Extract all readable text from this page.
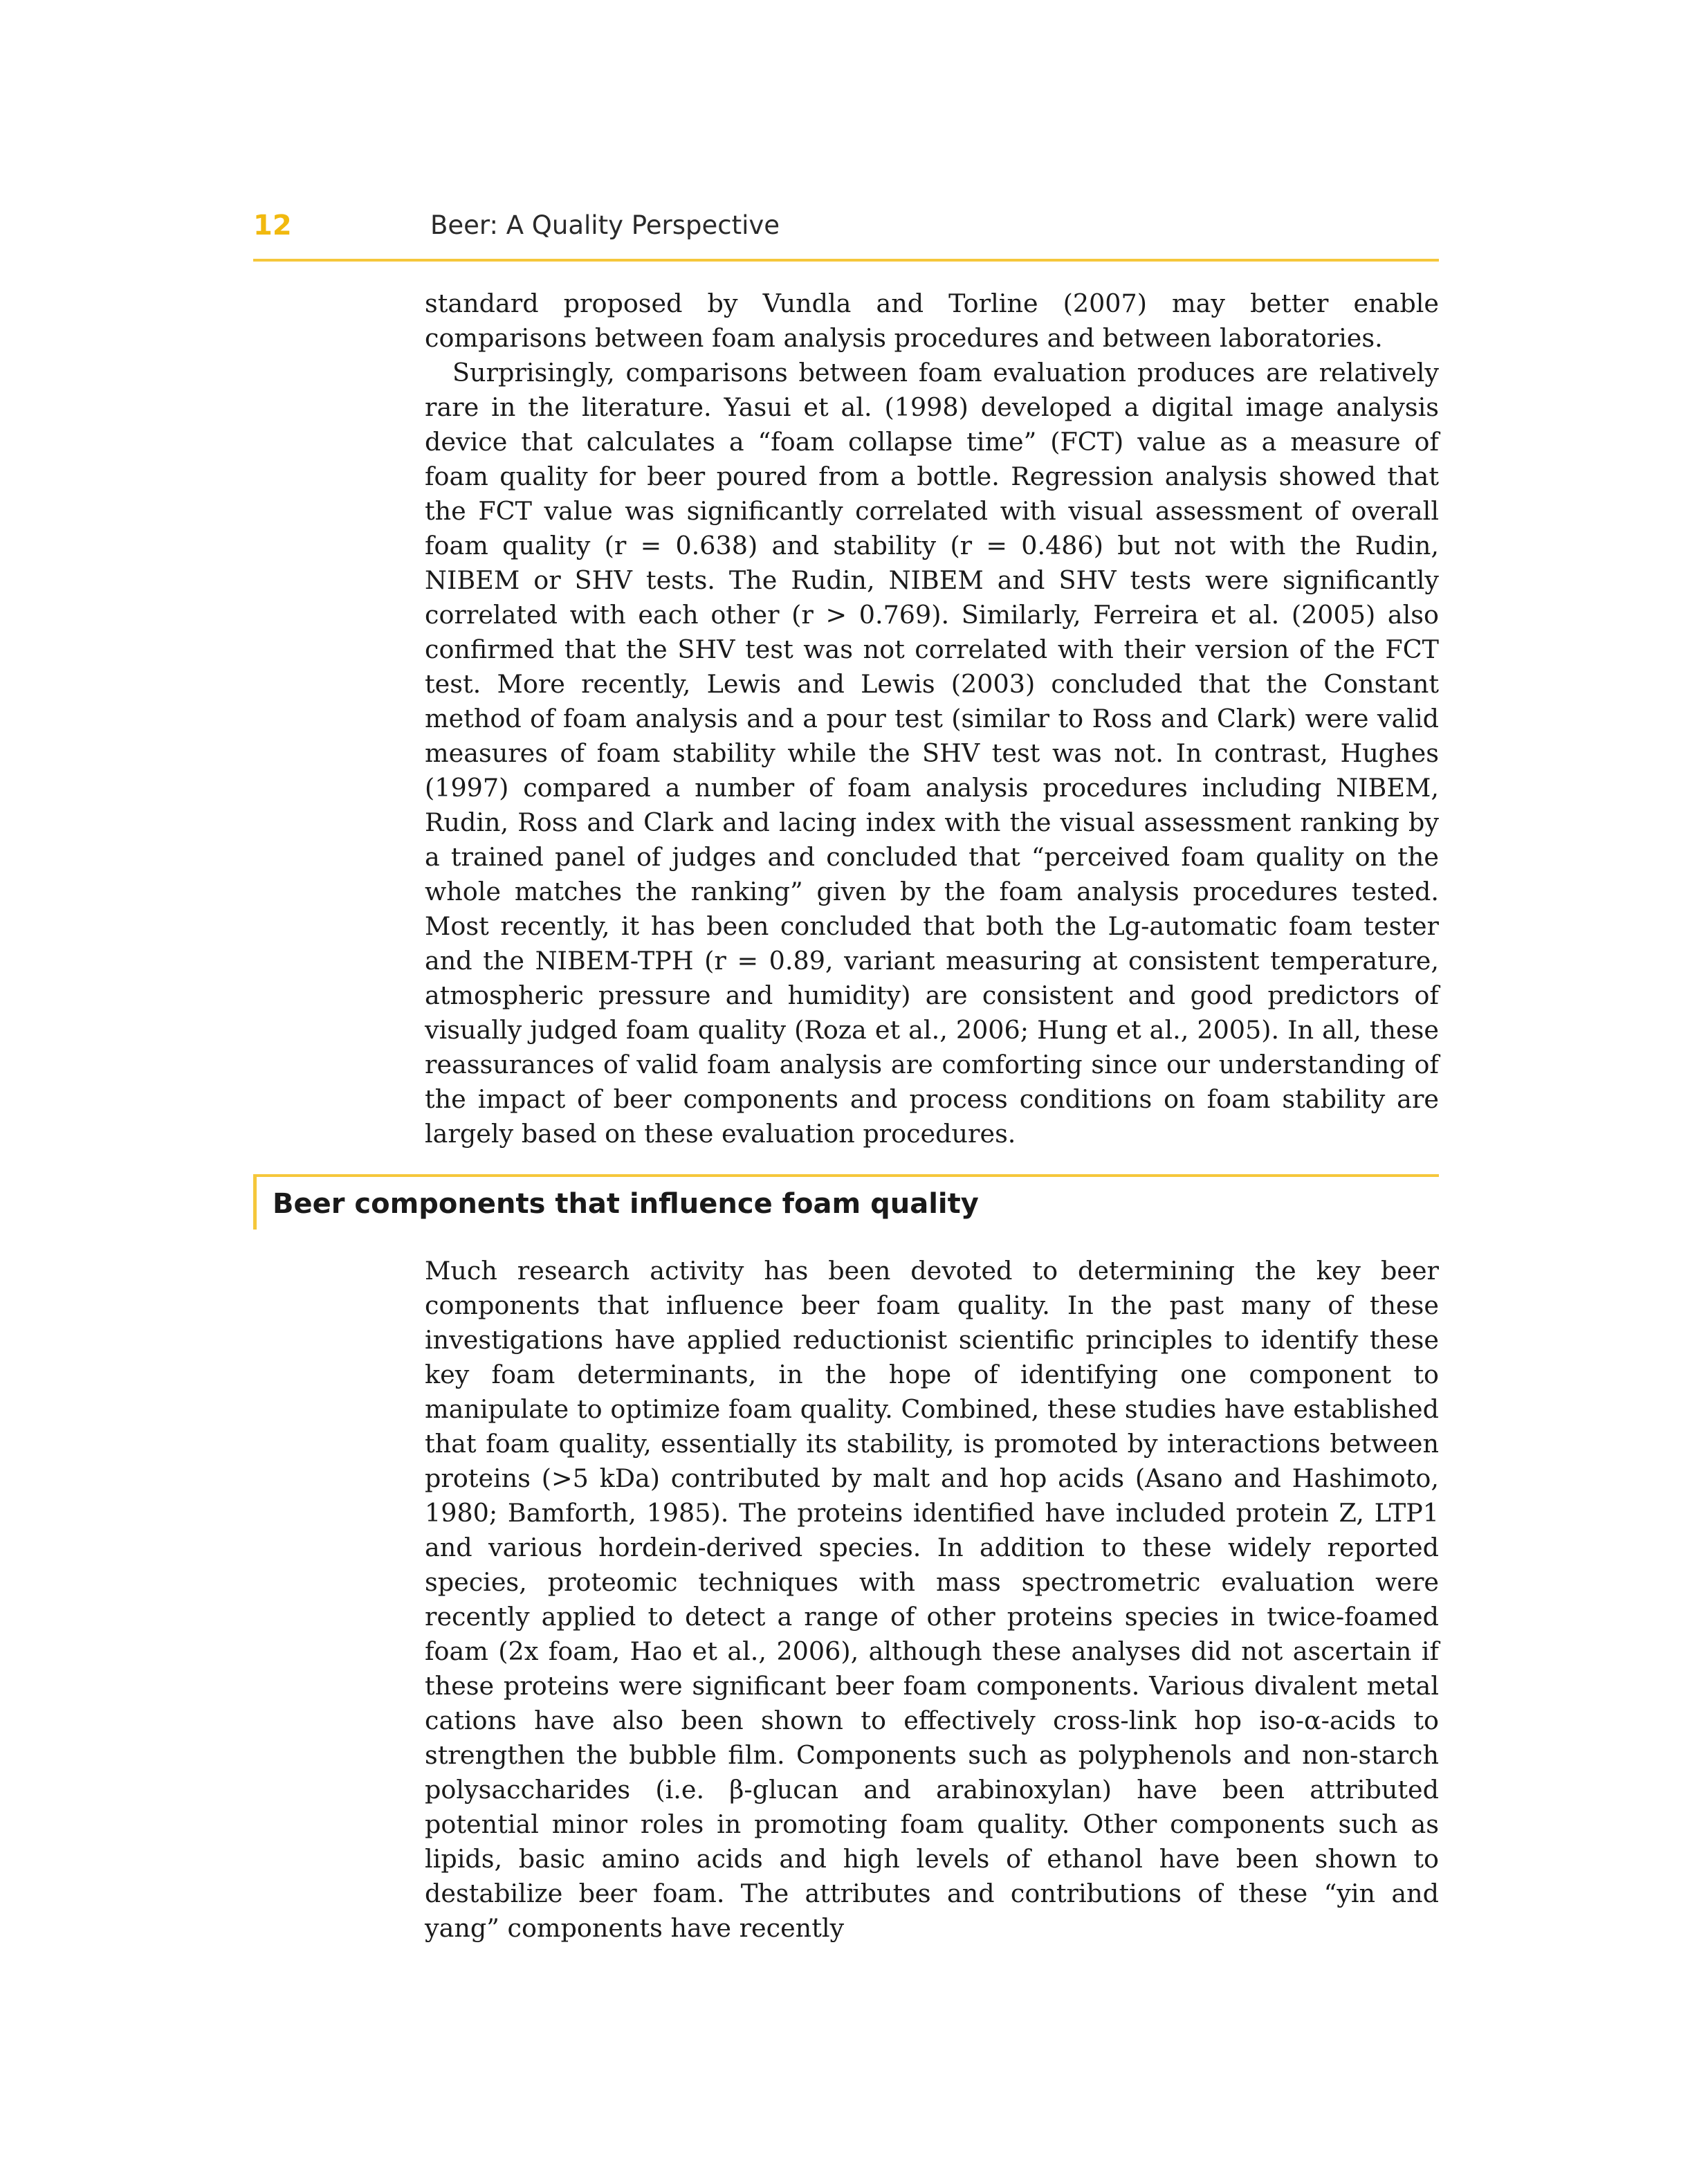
12	Beer: A Quality Perspective

standard proposed by Vundla and Torline (2007) may better enable comparisons between foam analysis procedures and between laboratories.

Surprisingly, comparisons between foam evaluation produces are relatively rare in the literature. Yasui et al. (1998) developed a digital image analysis device that calculates a “foam collapse time” (FCT) value as a measure of foam quality for beer poured from a bottle. Regression analysis showed that the FCT value was significantly correlated with visual assessment of overall foam quality (r = 0.638) and stability (r = 0.486) but not with the Rudin, NIBEM or SHV tests. The Rudin, NIBEM and SHV tests were significantly correlated with each other (r > 0.769). Similarly, Ferreira et al. (2005) also confirmed that the SHV test was not correlated with their version of the FCT test. More recently, Lewis and Lewis (2003) concluded that the Constant method of foam analysis and a pour test (similar to Ross and Clark) were valid measures of foam stability while the SHV test was not. In contrast, Hughes (1997) compared a number of foam analysis procedures including NIBEM, Rudin, Ross and Clark and lacing index with the visual assessment ranking by a trained panel of judges and concluded that “perceived foam quality on the whole matches the ranking” given by the foam analysis procedures tested. Most recently, it has been concluded that both the Lg-automatic foam tester and the NIBEM-TPH (r = 0.89, variant measuring at consistent temperature, atmospheric pressure and humidity) are consistent and good predictors of visually judged foam quality (Roza et al., 2006; Hung et al., 2005). In all, these reassurances of valid foam analysis are comforting since our understanding of the impact of beer components and process conditions on foam stability are largely based on these evaluation procedures.

Beer components that influence foam quality

Much research activity has been devoted to determining the key beer components that influence beer foam quality. In the past many of these investigations have applied reductionist scientific principles to identify these key foam determinants, in the hope of identifying one component to manipulate to optimize foam quality. Combined, these studies have established that foam quality, essentially its stability, is promoted by interactions between proteins (>5 kDa) contributed by malt and hop acids (Asano and Hashimoto, 1980; Bamforth, 1985). The proteins identified have included protein Z, LTP1 and various hordein-derived species. In addition to these widely reported species, proteomic techniques with mass spectrometric evaluation were recently applied to detect a range of other proteins species in twice-foamed foam (2x foam, Hao et al., 2006), although these analyses did not ascertain if these proteins were significant beer foam components. Various divalent metal cations have also been shown to effectively cross-link hop iso-α-acids to strengthen the bubble film. Components such as polyphenols and non-starch polysaccharides (i.e. β-glucan and arabinoxylan) have been attributed potential minor roles in promoting foam quality. Other components such as lipids, basic amino acids and high levels of ethanol have been shown to destabilize beer foam. The attributes and contributions of these “yin and yang” components have recently
